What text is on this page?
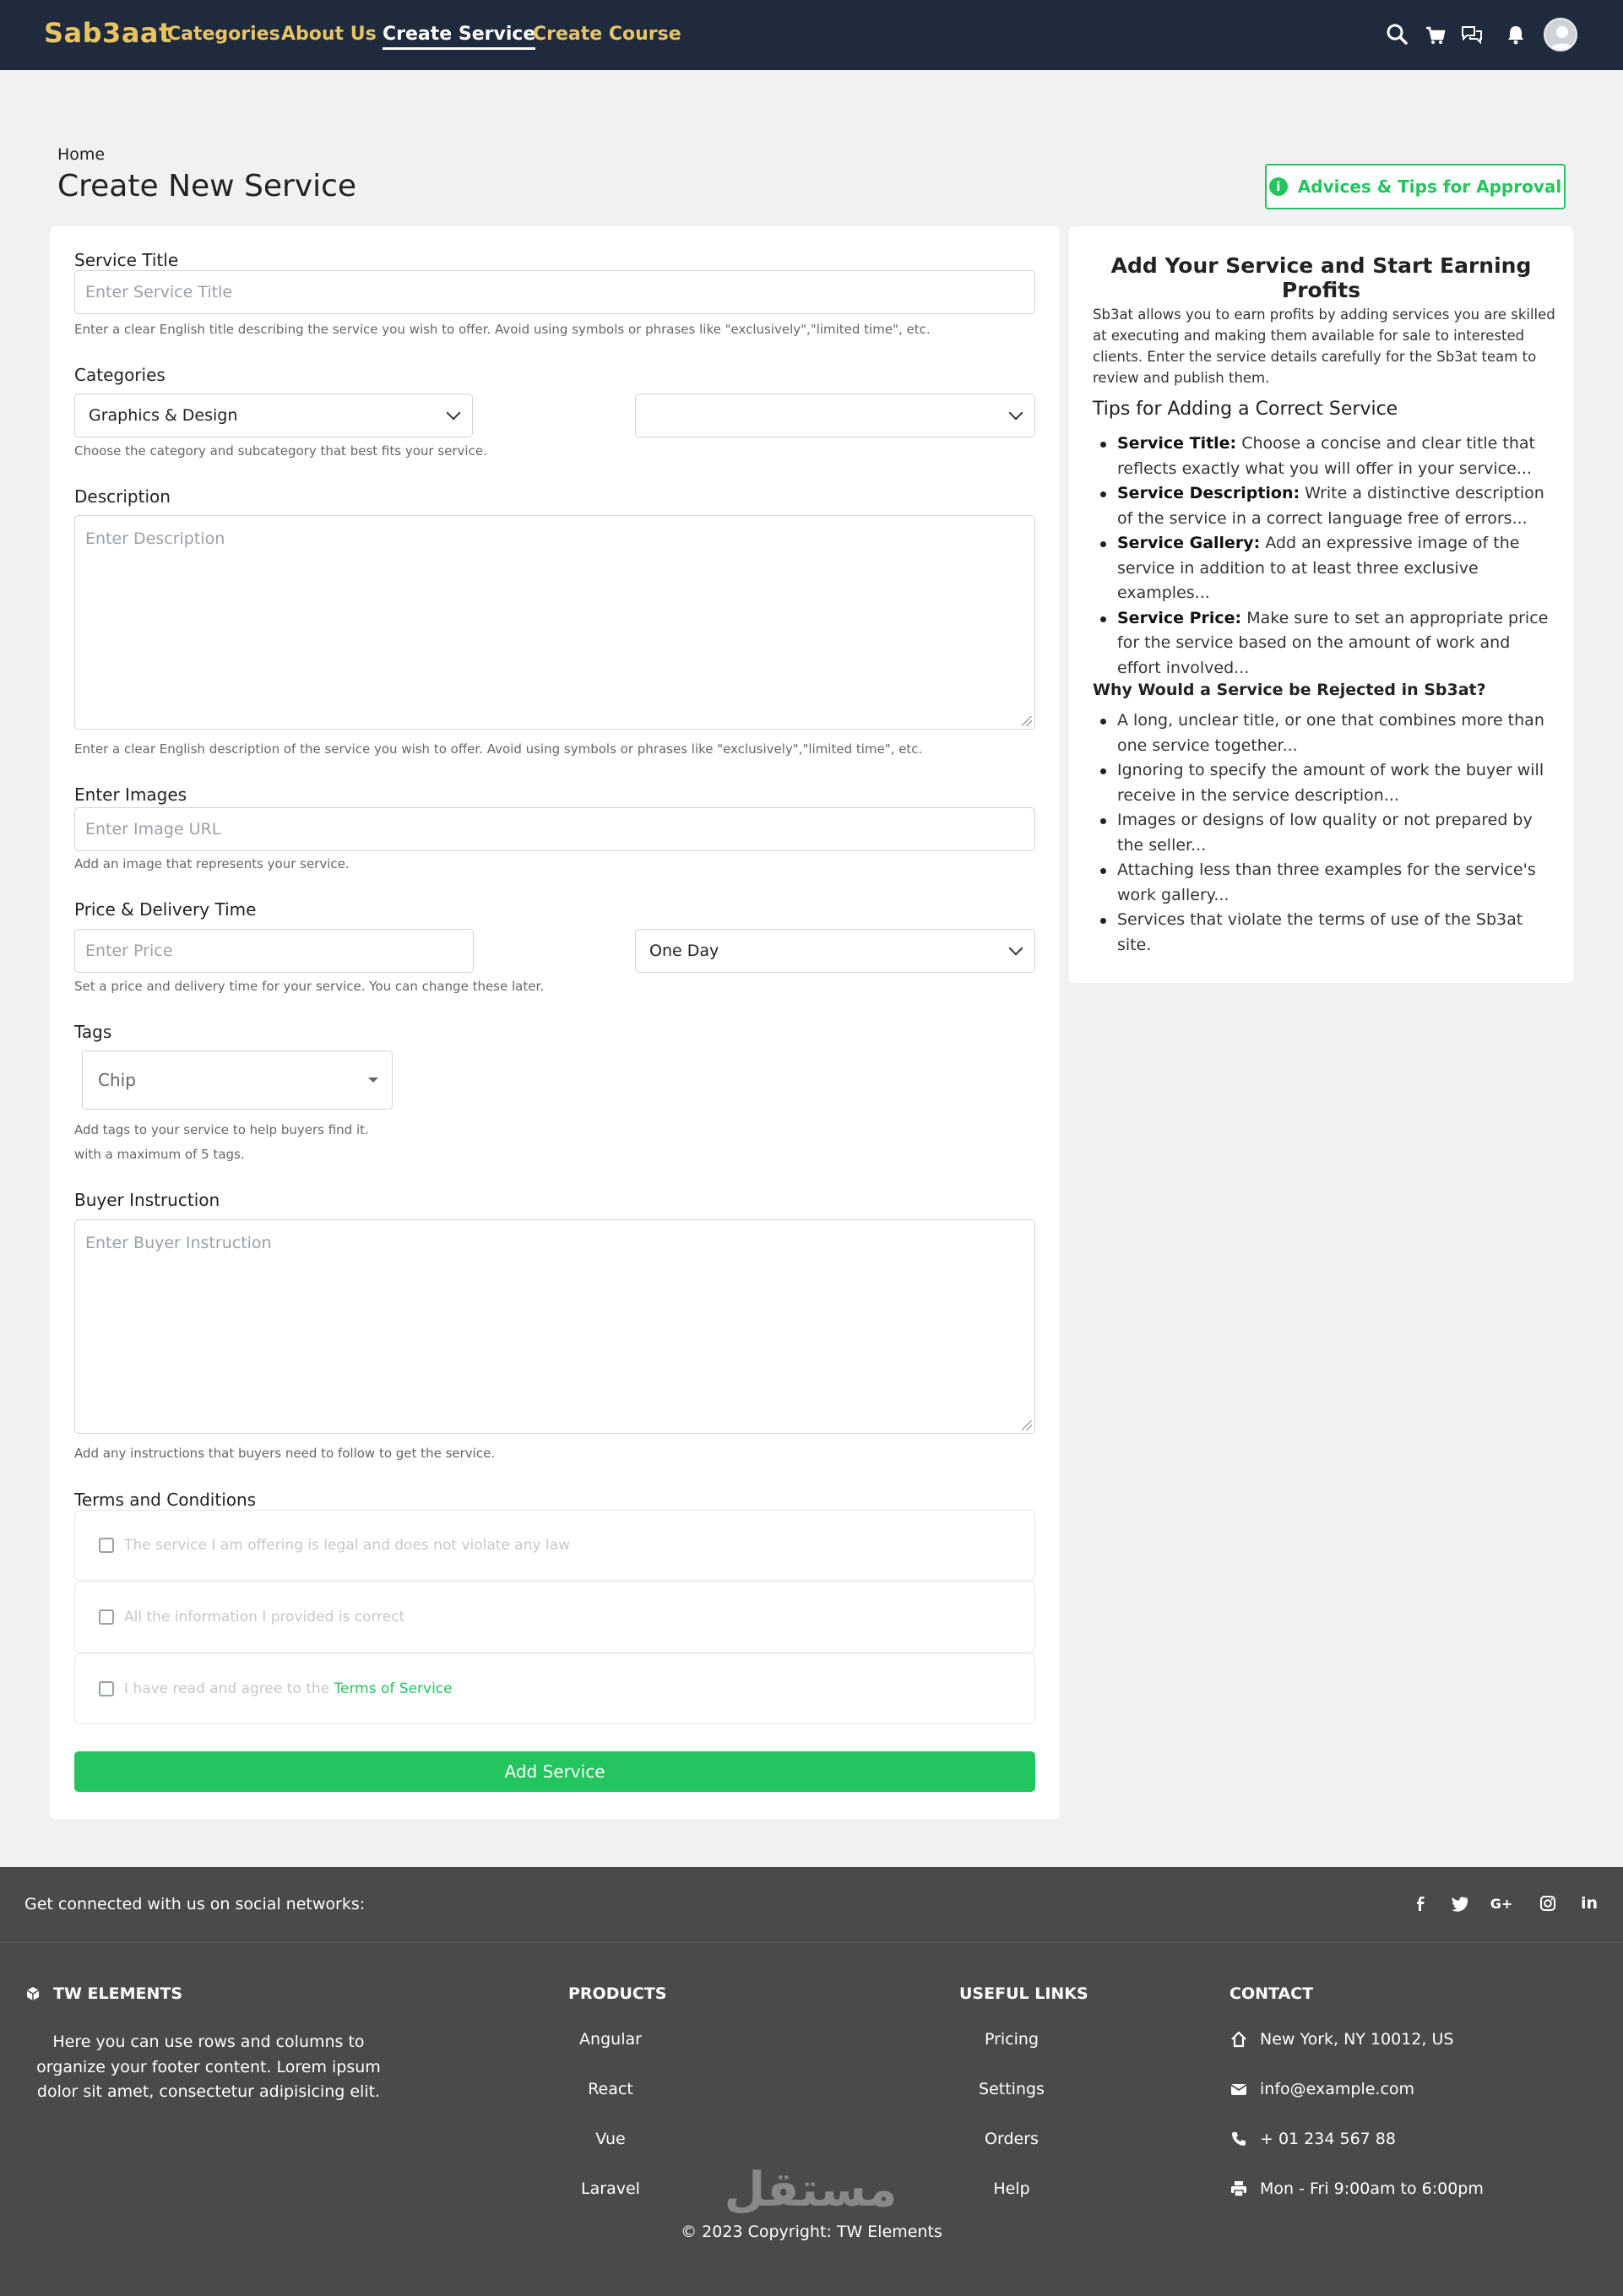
Sab3aat
Categories About Us Create Service
Create Course
Home
Create New Service	i	Advices & Tips for Approval
Service Title
Enter Service Title
Enter a clear English title describing the service you wish to offer. Avoid using symbols or phrases like "exclusively","limited time", etc.
Categories
Graphics & Design
Choose the category and subcategory that best fits your service.
Description
Enter Description
Enter a clear English description of the service you wish to offer. Avoid using symbols or phrases like "exclusively","limited time", etc.
Enter Images
Enter Image URL
Add an image that represents your service.
Price & Delivery Time
Enter Price	One Day
Set a price and delivery time for your service. You can change these later.
Tags
Chip
Add tags to your service to help buyers find it.
with a maximum of 5 tags.
Buyer Instruction
Enter Buyer Instruction
Add any instructions that buyers need to follow to get the service.
Terms and Conditions
The service I am offering is legal and does not violate any law
All the information I provided is correct
I have read and agree to the Terms of Service
Add Service
Add Your Service and Start Earning Profits
Sb3at allows you to earn profits by adding services you are skilled at executing and making them available for sale to interested clients. Enter the service details carefully for the Sb3at team to review and publish them.
Tips for Adding a Correct Service
Service Title: Choose a concise and clear title that reflects exactly what you will offer in your service...
Service Description: Write a distinctive description of the service in a correct language free of errors...
Service Gallery: Add an expressive image of the service in addition to at least three exclusive examples...
Service Price: Make sure to set an appropriate price for the service based on the amount of work and effort involved...
Why Would a Service be Rejected in Sb3at?
A long, unclear title, or one that combines more than one service together...
Ignoring to specify the amount of work the buyer will receive in the service description...
Images or designs of low quality or not prepared by the seller...
Attaching less than three examples for the service's work gallery...
Services that violate the terms of use of the Sb3at site.
Get connected with us on social networks:	G+	in
TW ELEMENTS
Here you can use rows and columns to organize your footer content. Lorem ipsum dolor sit amet, consectetur adipisicing elit.
PRODUCTS
Angular
React
Vue
Laravel
USEFUL LINKS
Pricing
Settings
Orders
Help
CONTACT
New York, NY 10012, US
info@example.com
+ 01 234 567 88
Mon - Fri 9:00am to 6:00pm
مستقل
© 2023 Copyright: TW Elements
